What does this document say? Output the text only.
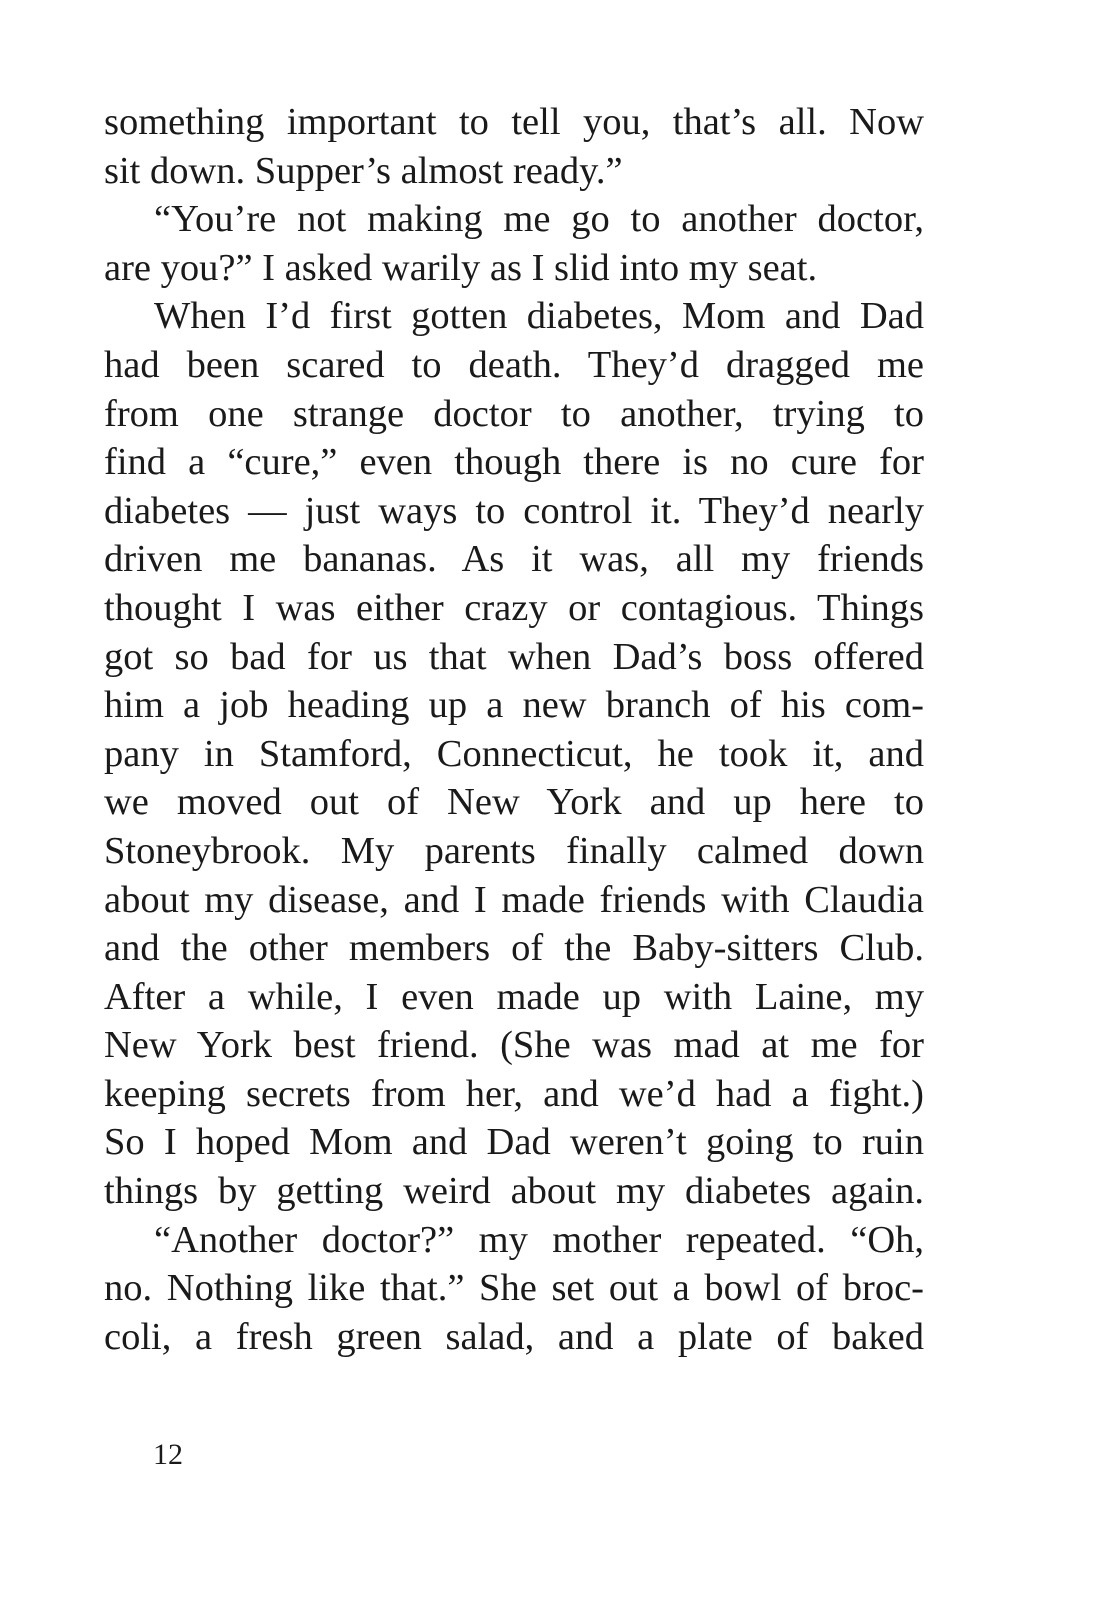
something important to tell you, that’s all. Now
sit down. Supper’s almost ready.”
“You’re not making me go to another doctor,
are you?” I asked warily as I slid into my seat.
When I’d first gotten diabetes, Mom and Dad
had been scared to death. They’d dragged me
from one strange doctor to another, trying to
find a “cure,” even though there is no cure for
diabetes — just ways to control it. They’d nearly
driven me bananas. As it was, all my friends
thought I was either crazy or contagious. Things
got so bad for us that when Dad’s boss offered
him a job heading up a new branch of his com-
pany in Stamford, Connecticut, he took it, and
we moved out of New York and up here to
Stoneybrook. My parents finally calmed down
about my disease, and I made friends with Claudia
and the other members of the Baby-sitters Club.
After a while, I even made up with Laine, my
New York best friend. (She was mad at me for
keeping secrets from her, and we’d had a fight.)
So I hoped Mom and Dad weren’t going to ruin
things by getting weird about my diabetes again.
“Another doctor?” my mother repeated. “Oh,
no. Nothing like that.” She set out a bowl of broc-
coli, a fresh green salad, and a plate of baked
12
